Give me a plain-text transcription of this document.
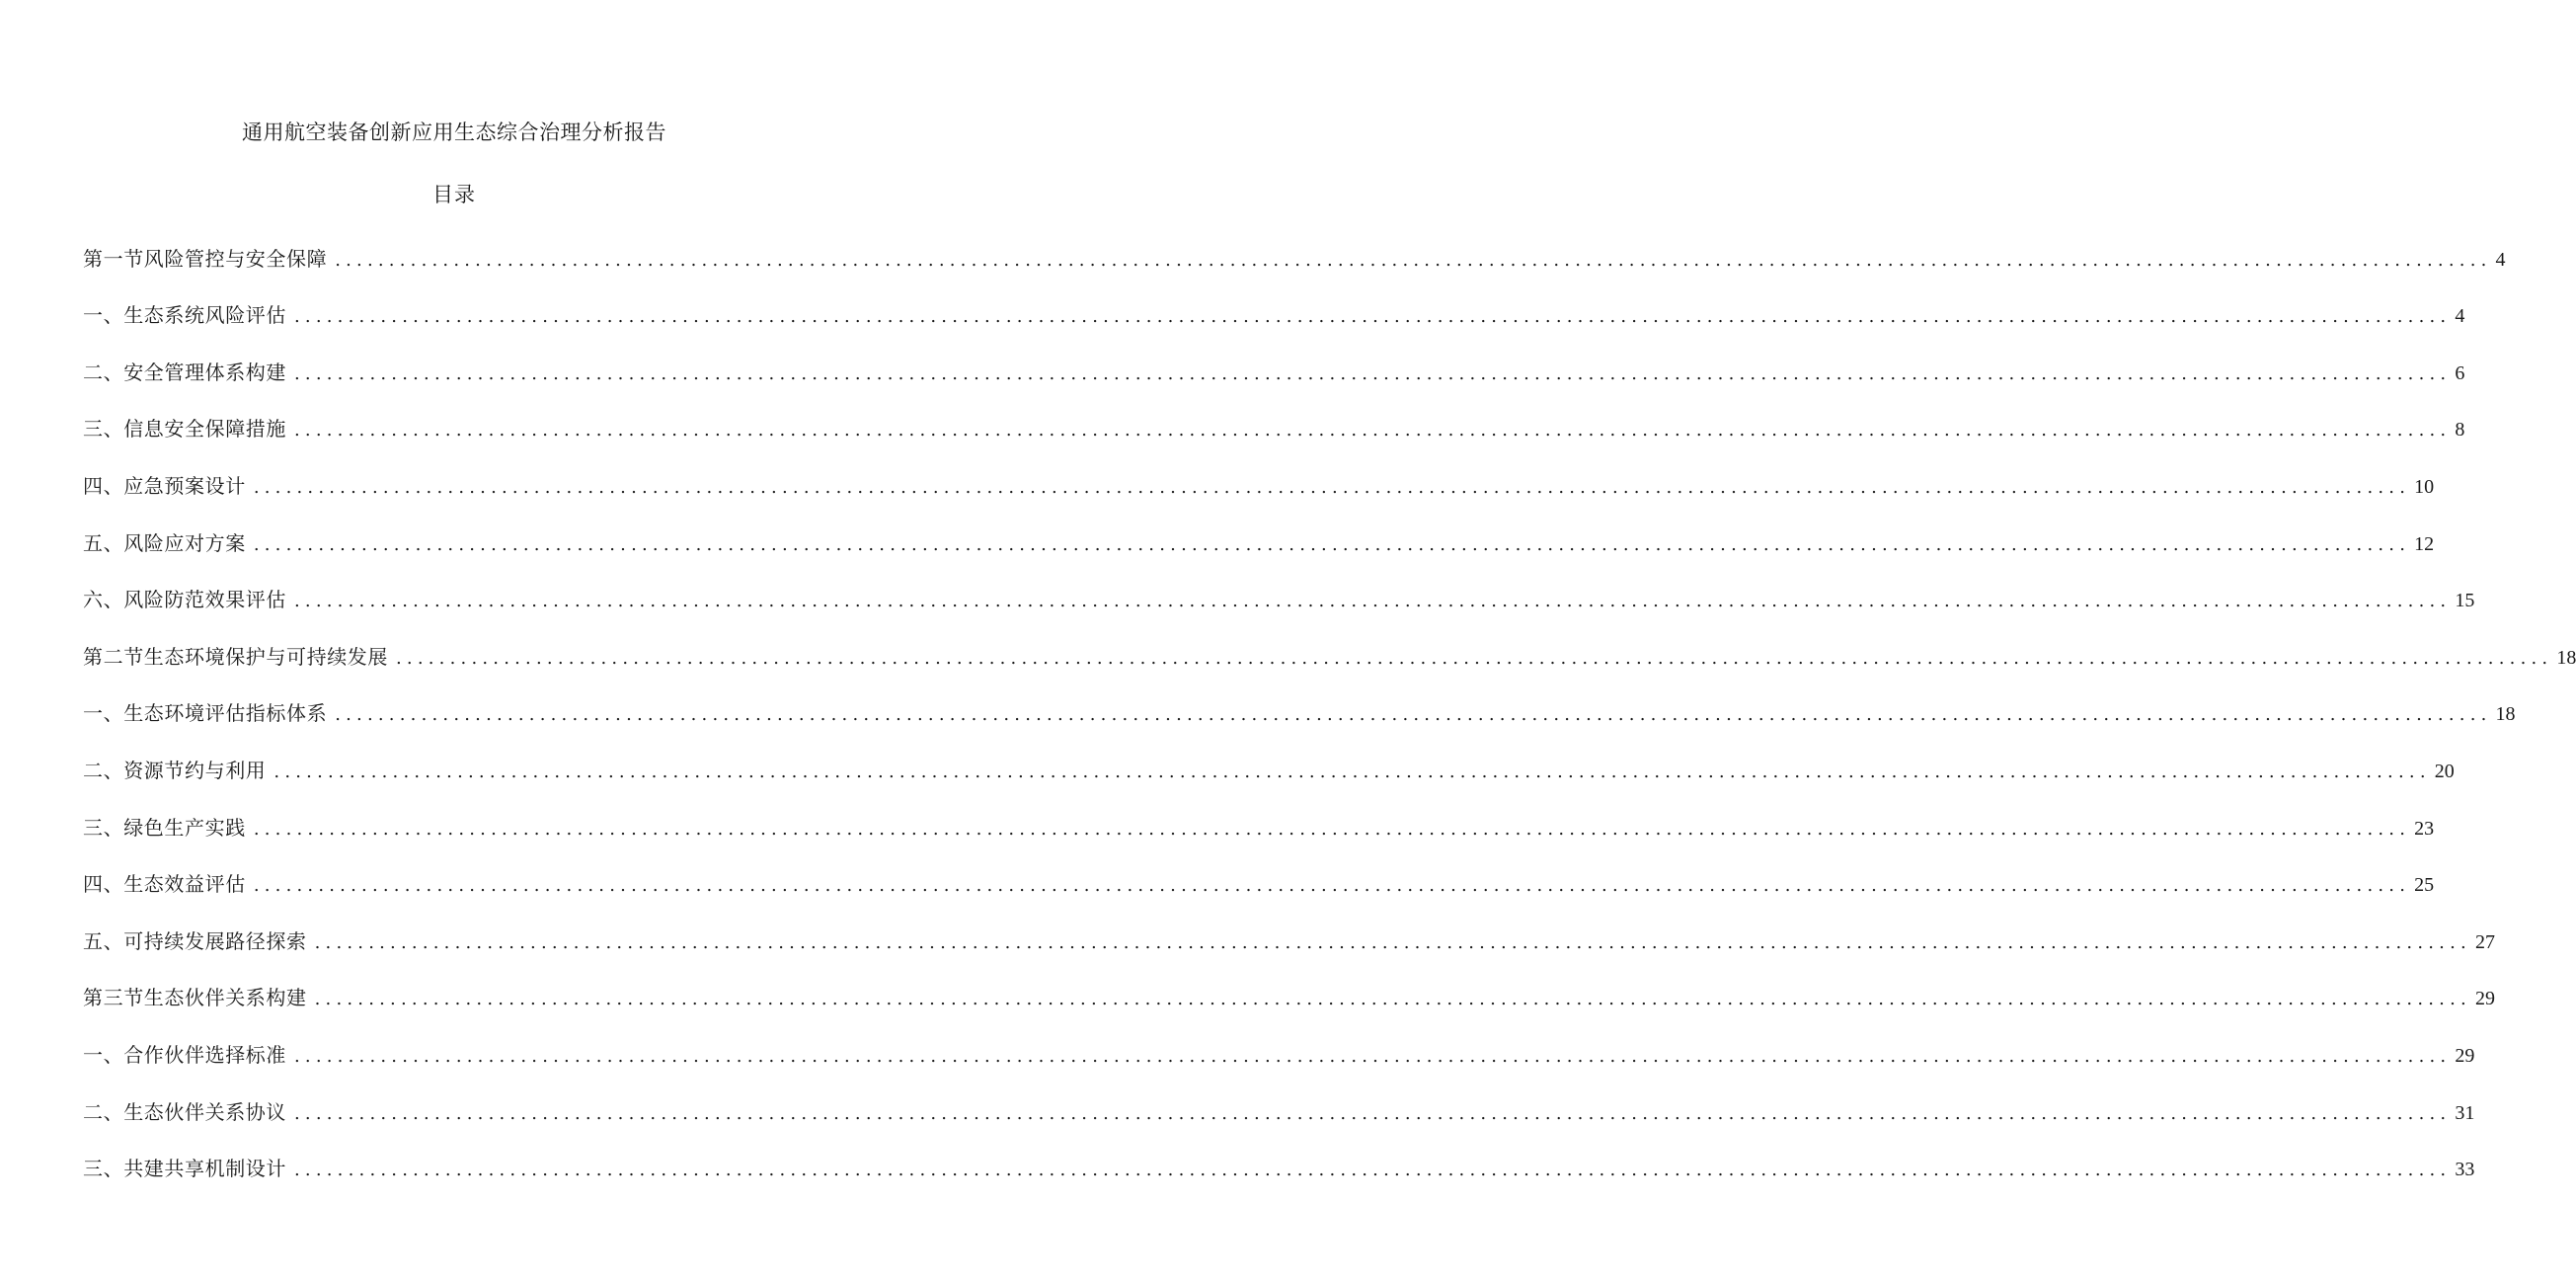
通用航空装备创新应用生态综合治理分析报告
目录
第一节风险管控与安全保障 ........................................................................................................................................................................................................ 4
一、生态系统风险评估 ........................................................................................................................................................................................................ 4
二、安全管理体系构建 ........................................................................................................................................................................................................ 6
三、信息安全保障措施 ........................................................................................................................................................................................................ 8
四、应急预案设计 ........................................................................................................................................................................................................ 10
五、风险应对方案 ........................................................................................................................................................................................................ 12
六、风险防范效果评估 ........................................................................................................................................................................................................ 15
第二节生态环境保护与可持续发展 ........................................................................................................................................................................................................ 18
一、生态环境评估指标体系 ........................................................................................................................................................................................................ 18
二、资源节约与利用 ........................................................................................................................................................................................................ 20
三、绿色生产实践 ........................................................................................................................................................................................................ 23
四、生态效益评估 ........................................................................................................................................................................................................ 25
五、可持续发展路径探索 ........................................................................................................................................................................................................ 27
第三节生态伙伴关系构建 ........................................................................................................................................................................................................ 29
一、合作伙伴选择标准 ........................................................................................................................................................................................................ 29
二、生态伙伴关系协议 ........................................................................................................................................................................................................ 31
三、共建共享机制设计 ........................................................................................................................................................................................................ 33
